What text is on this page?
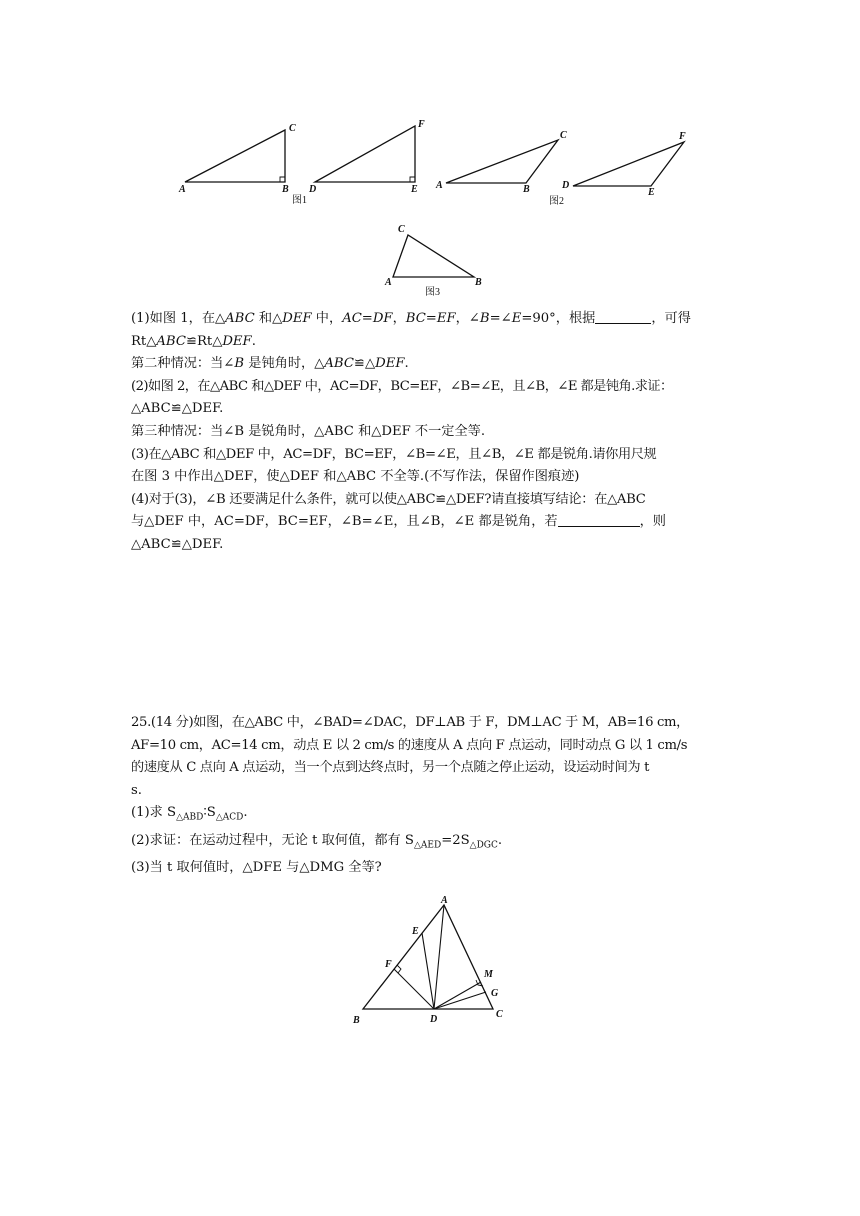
A	B
C
D	E
F
图1
A	B
C
D
E
F
图2
A	B
C
图3

(1)如图 1，在△ABC 和△DEF 中，AC=DF，BC=EF，∠B=∠E=90°，根据	，可得

Rt△ABC≌Rt△DEF.

第二种情况：当∠B 是钝角时，△ABC≌△DEF.

(2)如图 2，在△ABC 和△DEF 中，AC=DF，BC=EF，∠B=∠E，且∠B，∠E 都是钝角.求证：

△ABC≌△DEF.

第三种情况：当∠B 是锐角时，△ABC 和△DEF 不一定全等.

(3)在△ABC 和△DEF 中，AC=DF，BC=EF，∠B=∠E，且∠B，∠E 都是锐角.请你用尺规

在图 3 中作出△DEF，使△DEF 和△ABC 不全等.(不写作法，保留作图痕迹)

(4)对于(3)，∠B 还要满足什么条件，就可以使△ABC≌△DEF?请直接填写结论：在△ABC

与△DEF 中，AC=DF，BC=EF，∠B=∠E，且∠B，∠E 都是锐角，若	，则

△ABC≌△DEF.

25.(14 分)如图，在△ABC 中，∠BAD=∠DAC，DF⊥AB 于 F，DM⊥AC 于 M，AB=16 cm，

AF=10 cm，AC=14 cm，动点 E 以 2 cm/s 的速度从 A 点向 F 点运动，同时动点 G 以 1 cm/s

的速度从 C 点向 A 点运动，当一个点到达终点时，另一个点随之停止运动，设运动时间为 t

s.

(1)求 $S_{\triangle ABD}∶S_{\triangle ACD}$.

(2)求证：在运动过程中，无论 t 取何值，都有 $S_{\triangle AED}=2S_{\triangle DGC}$.

(3)当 t 取何值时，△DFE 与△DMG 全等?

A
B
C
D
E
F
G
M
